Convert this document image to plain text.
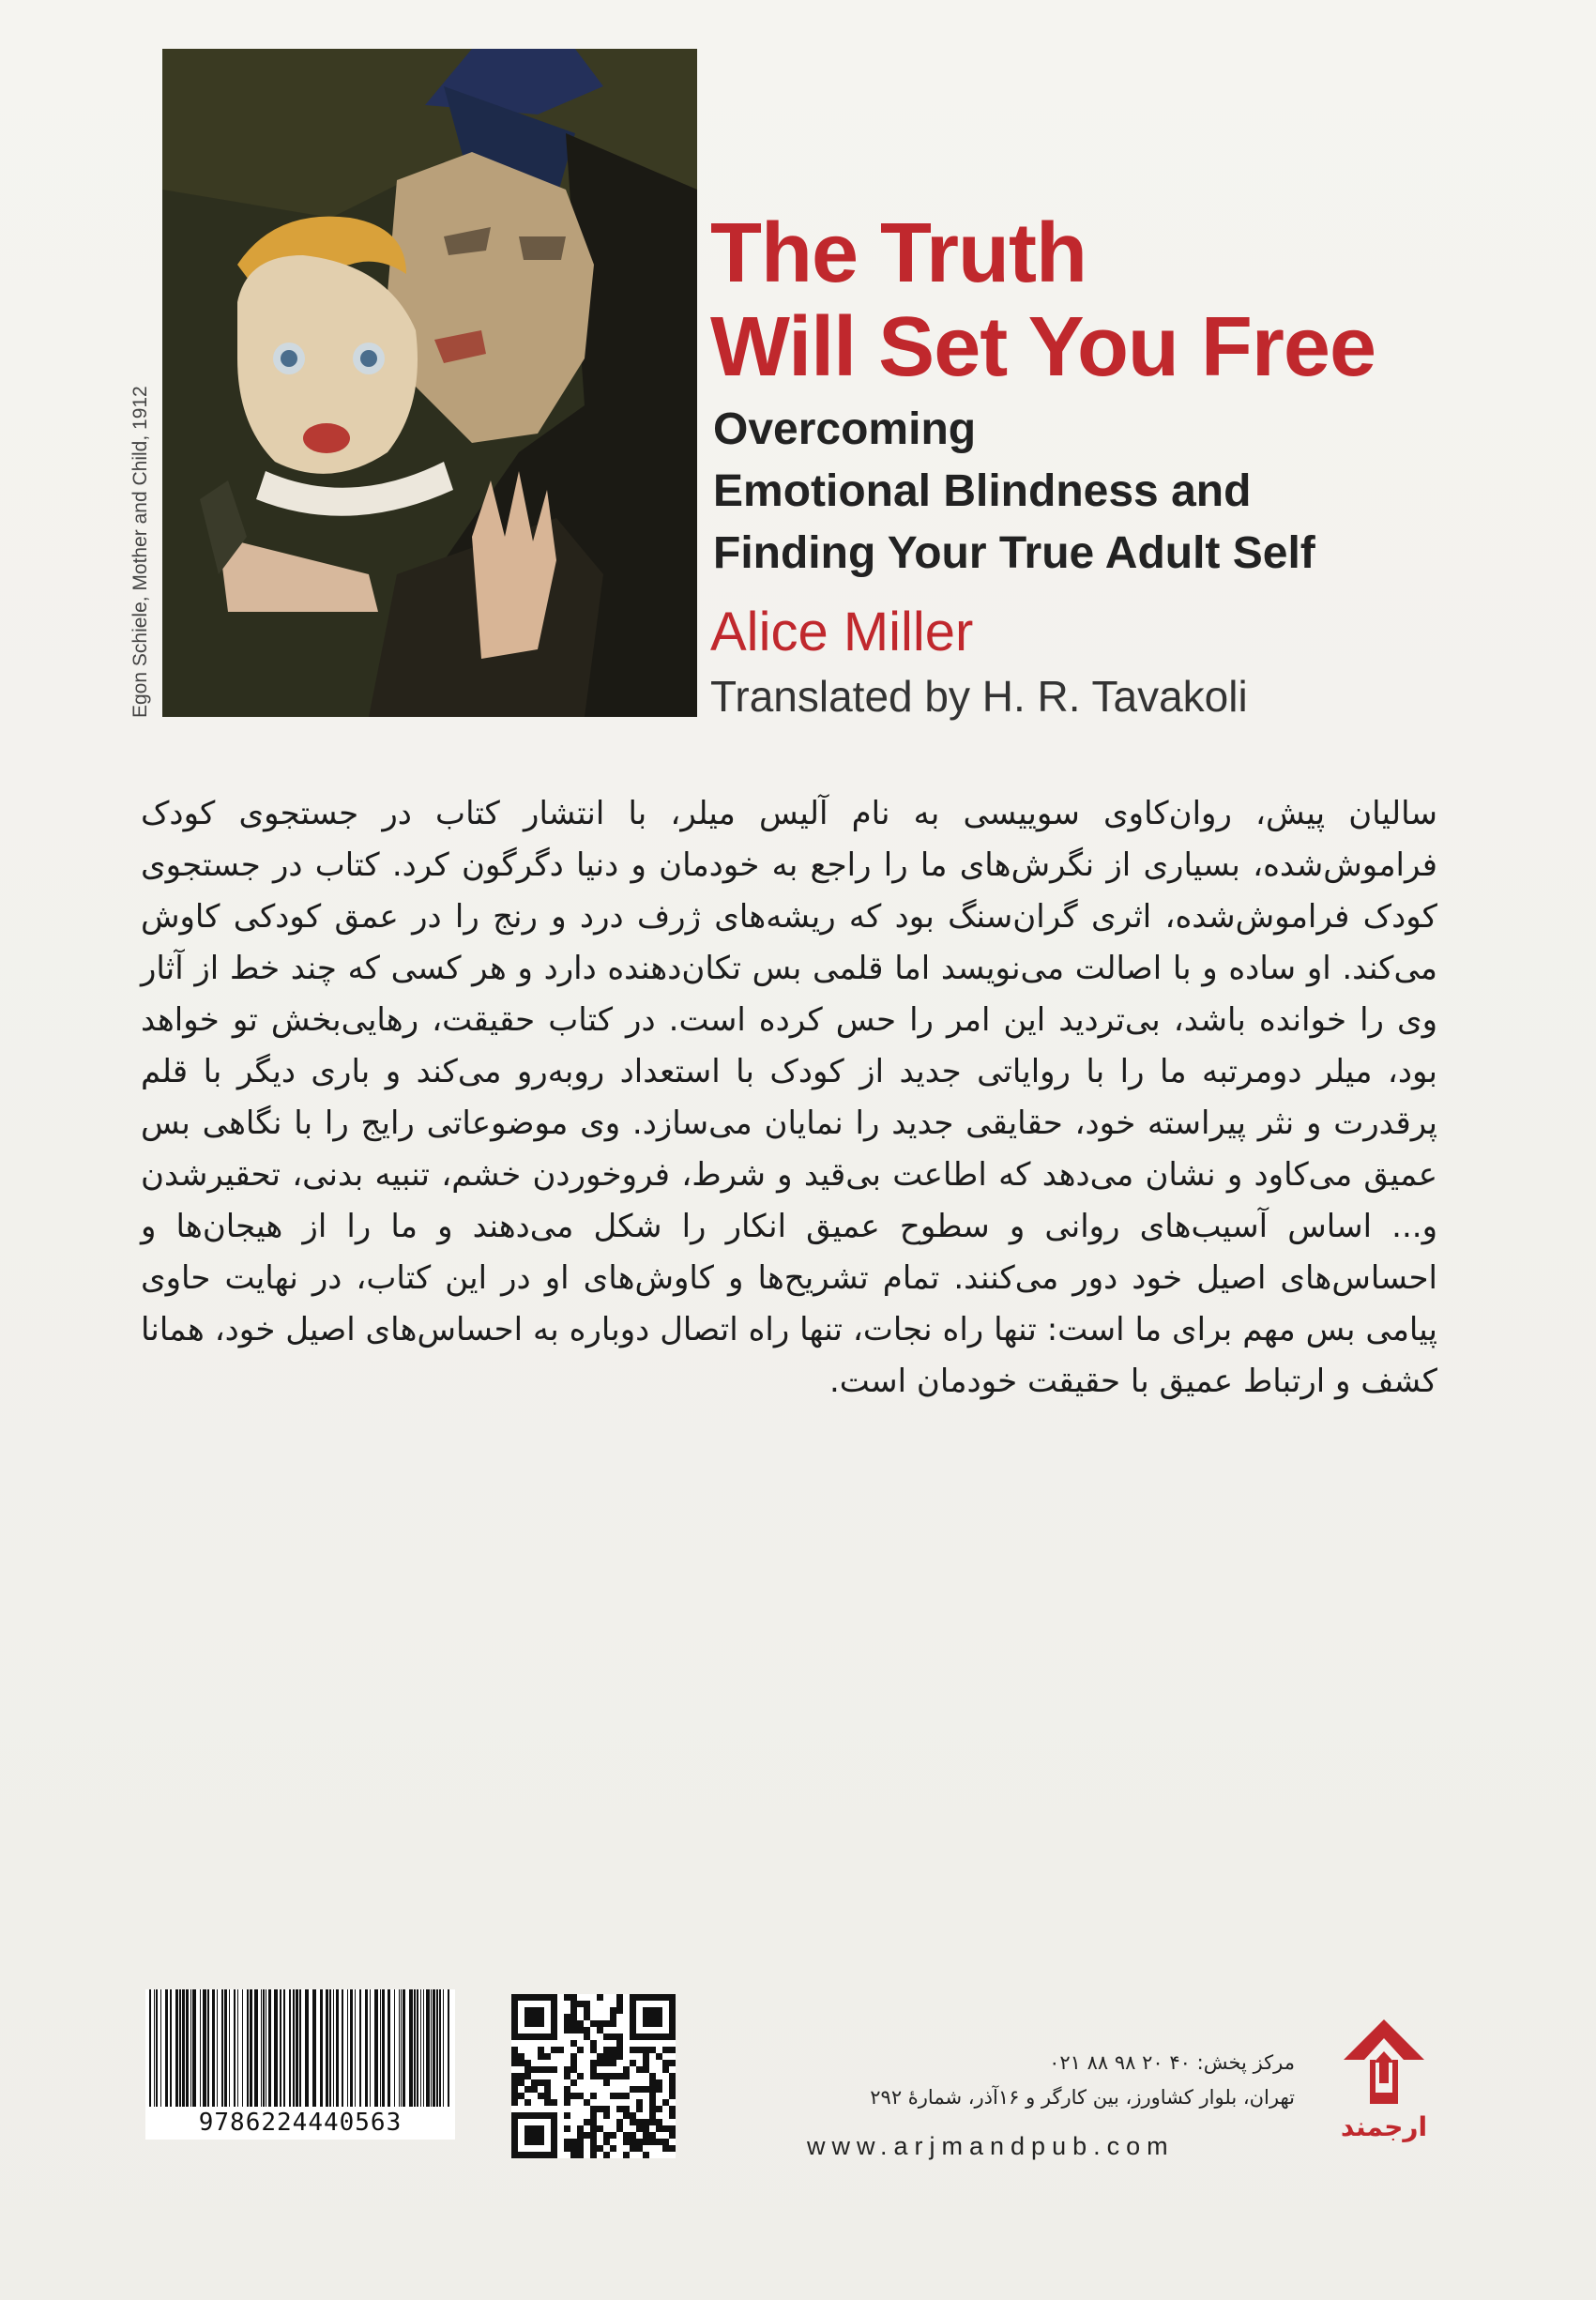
Egon Schiele, Mother and Child, 1912
The Truth
Will Set You Free
Overcoming
Emotional Blindness and
Finding Your True Adult Self
Alice Miller
Translated by H. R. Tavakoli

سالیان پیش، روان‌کاوی سوییسی به نام آلیس میلر، با انتشار کتاب در جستجوی کودک فراموش‌شده، بسیاری از نگرش‌های ما را راجع به خودمان و دنیا دگرگون کرد. کتاب در جستجوی کودک فراموش‌شده، اثری گران‌سنگ بود که ریشه‌های ژرف درد و رنج را در عمق کودکی کاوش می‌کند. او ساده و با اصالت می‌نویسد اما قلمی بس تکان‌دهنده دارد و هر کسی که چند خط از آثار وی را خوانده باشد، بی‌تردید این امر را حس کرده است. در کتاب حقیقت، رهایی‌بخش تو خواهد بود، میلر دومرتبه ما را با روایاتی جدید از کودک با استعداد روبه‌رو می‌کند و باری دیگر با قلم پرقدرت و نثر پیراسته خود، حقایقی جدید را نمایان می‌سازد. وی موضوعاتی رایج را با نگاهی بس عمیق می‌کاود و نشان می‌دهد که اطاعت بی‌قید و شرط، فروخوردن خشم، تنبیه بدنی، تحقیرشدن و... اساس آسیب‌های روانی و سطوح عمیق انکار را شکل می‌دهند و ما را از هیجان‌ها و احساس‌های اصیل خود دور می‌کنند. تمام تشریح‌ها و کاوش‌های او در این کتاب، در نهایت حاوی پیامی بس مهم برای ما است: تنها راه نجات، تنها راه اتصال دوباره به احساس‌های اصیل خود، همانا کشف و ارتباط عمیق با حقیقت خودمان است.

9786224440563
مرکز پخش: ۴۰ ۲۰ ۹۸ ۸۸ ۰۲۱
تهران، بلوار کشاورز، بین کارگر و ۱۶آذر، شمارهٔ ۲۹۲
www.arjmandpub.com
ارجمند
